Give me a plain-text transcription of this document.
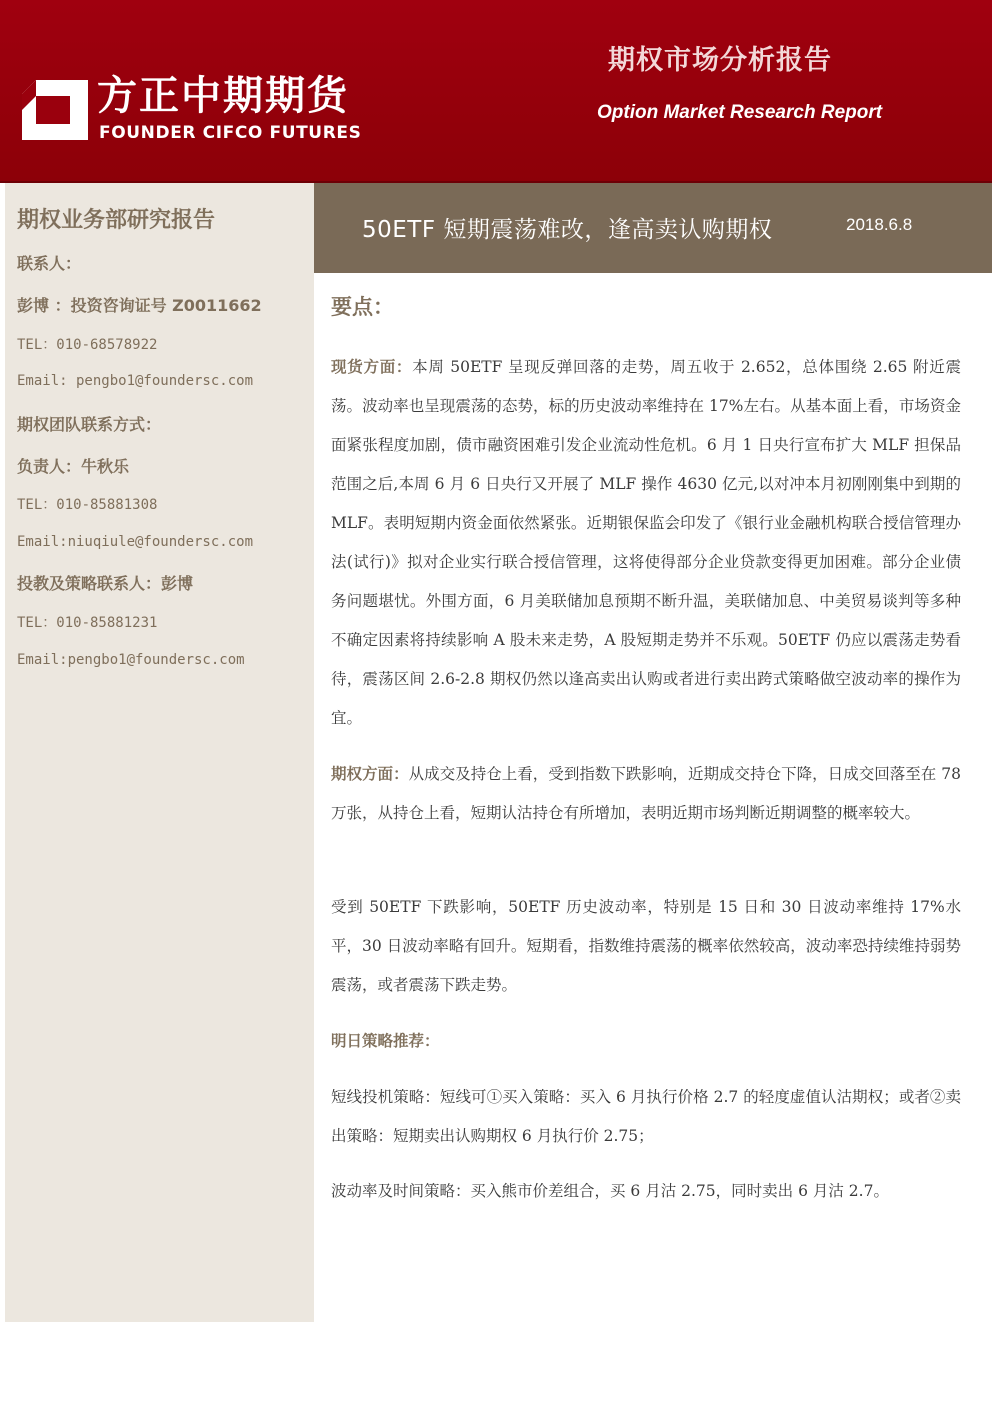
方正中期期货
FOUNDER CIFCO FUTURES
期权市场分析报告
Option Market Research Report
期权业务部研究报告
联系人：
彭博 ：投资咨询证号 Z0011662
TEL：010-68578922
Email: pengbo1@foundersc.com
期权团队联系方式：
负责人：牛秋乐
TEL：010-85881308
Email:niuqiule@foundersc.com
投教及策略联系人：彭博
TEL：010-85881231
Email:pengbo1@foundersc.com
50ETF 短期震荡难改，逢高卖认购期权	2018.6.8
要点：

现货方面：本周 50ETF 呈现反弹回落的走势，周五收于 2.652，总体围绕 2.65 附近震荡。波动率也呈现震荡的态势，标的历史波动率维持在 17%左右。从基本面上看，市场资金面紧张程度加剧，债市融资困难引发企业流动性危机。6 月 1 日央行宣布扩大 MLF 担保品范围之后,本周 6 月 6 日央行又开展了 MLF 操作 4630 亿元,以对冲本月初刚刚集中到期的 MLF。表明短期内资金面依然紧张。近期银保监会印发了《银行业金融机构联合授信管理办法(试行)》拟对企业实行联合授信管理，这将使得部分企业贷款变得更加困难。部分企业债务问题堪忧。外围方面，6 月美联储加息预期不断升温，美联储加息、中美贸易谈判等多种不确定因素将持续影响 A 股未来走势，A 股短期走势并不乐观。50ETF 仍应以震荡走势看待，震荡区间 2.6-2.8 期权仍然以逢高卖出认购或者进行卖出跨式策略做空波动率的操作为宜。

期权方面：从成交及持仓上看，受到指数下跌影响，近期成交持仓下降，日成交回落至在 78 万张，从持仓上看，短期认沽持仓有所增加，表明近期市场判断近期调整的概率较大。

受到 50ETF 下跌影响，50ETF 历史波动率，特别是 15 日和 30 日波动率维持 17%水平，30 日波动率略有回升。短期看，指数维持震荡的概率依然较高，波动率恐持续维持弱势震荡，或者震荡下跌走势。

明日策略推荐：

短线投机策略：短线可①买入策略：买入 6 月执行价格 2.7 的轻度虚值认沽期权；或者②卖出策略：短期卖出认购期权 6 月执行价 2.75；

波动率及时间策略：买入熊市价差组合，买 6 月沽 2.75，同时卖出 6 月沽 2.7。
